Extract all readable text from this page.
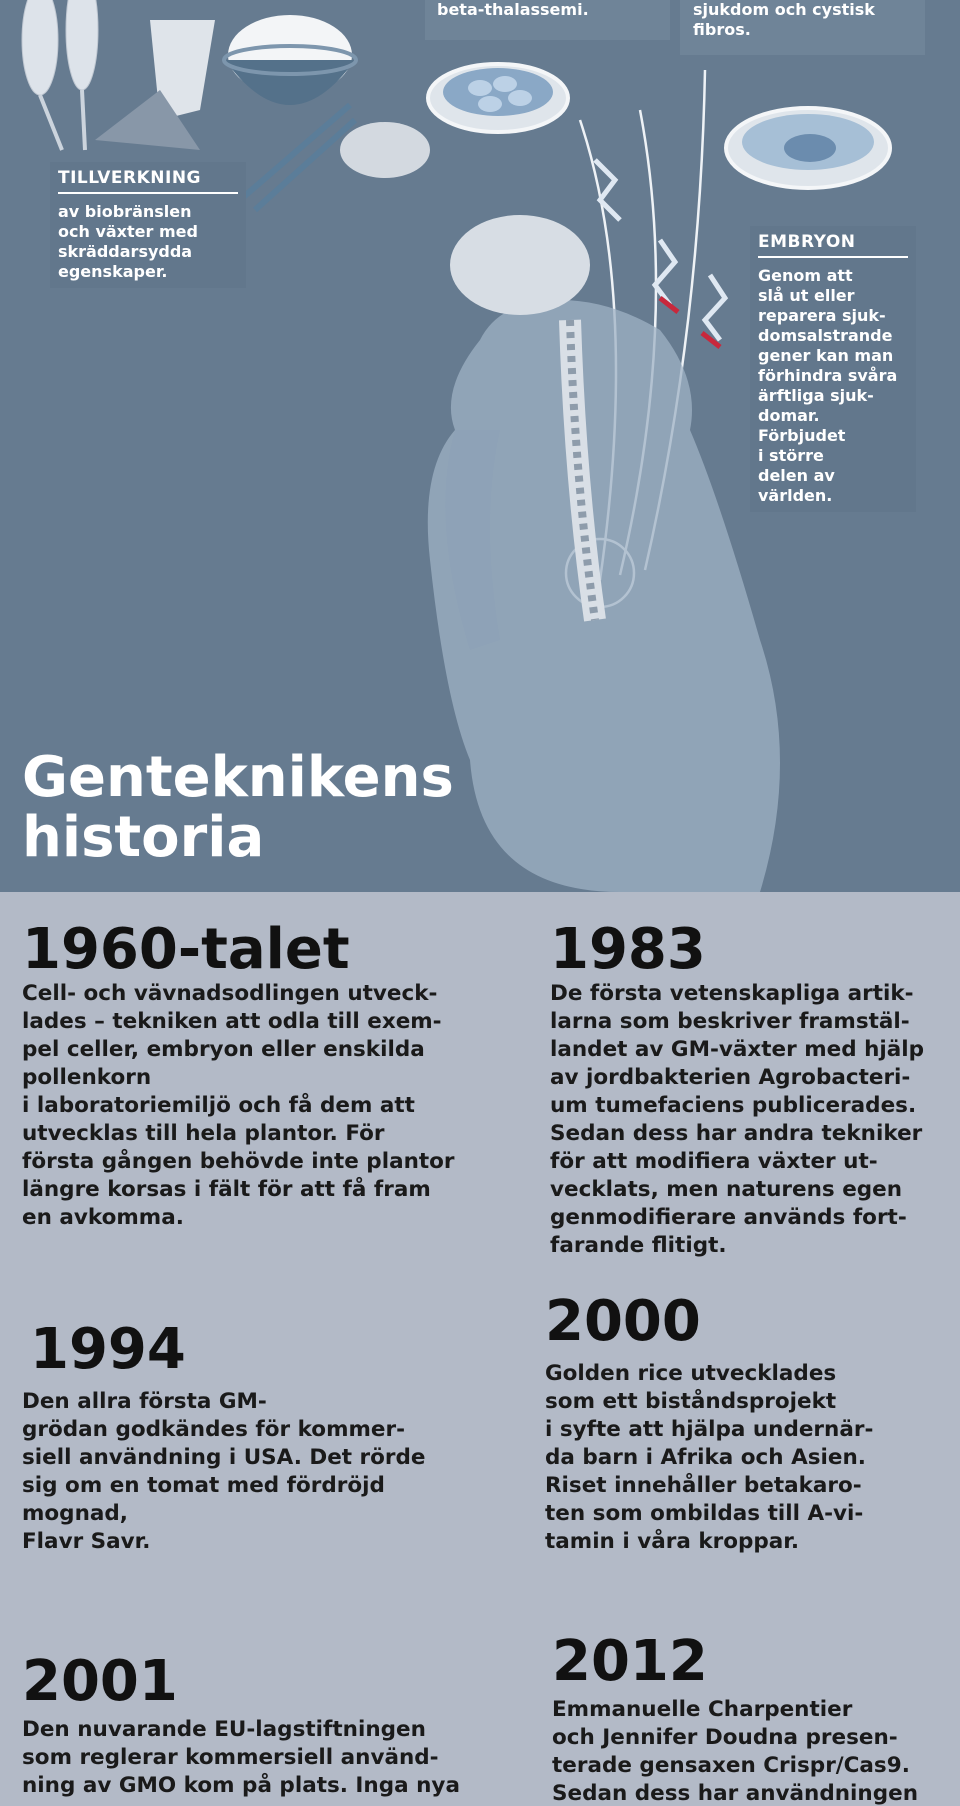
beta-thalassemi.	sjukdom och cystisk
fibros.
TILLVERKNING
av biobränslen
och växter med
skräddarsydda
egenskaper.
EMBRYON
Genom att
slå ut eller
reparera sjuk-
domsalstrande
gener kan man
förhindra svåra
ärftliga sjuk-
domar.
Förbjudet
i större
delen av
världen.
Genteknikens
historia
1960-talet
Cell- och vävnadsodlingen utveck-
lades – tekniken att odla till exem-
pel celler, embryon eller enskilda
pollenkorn
i laboratoriemiljö och få dem att
utvecklas till hela plantor. För
första gången behövde inte plantor
längre korsas i fält för att få fram
en avkomma.
1983
De första vetenskapliga artik-
larna som beskriver framstäl-
landet av GM-växter med hjälp
av jordbakterien Agrobacteri-
um tumefaciens publicerades.
Sedan dess har andra tekniker
för att modifiera växter ut-
vecklats, men naturens egen
genmodifierare används fort-
farande flitigt.
1994
Den allra första GM-
grödan godkändes för kommer-
siell användning i USA. Det rörde
sig om en tomat med fördröjd
mognad,
Flavr Savr.
2000
Golden rice utvecklades
som ett biståndsprojekt
i syfte att hjälpa undernär-
da barn i Afrika och Asien.
Riset innehåller betakaro-
ten som ombildas till A-vi-
tamin i våra kroppar.
2001
Den nuvarande EU-lagstiftningen
som reglerar kommersiell använd-
ning av GMO kom på plats. Inga nya
2012
Emmanuelle Charpentier
och Jennifer Doudna presen-
terade gensaxen Crispr/Cas9.
Sedan dess har användningen
